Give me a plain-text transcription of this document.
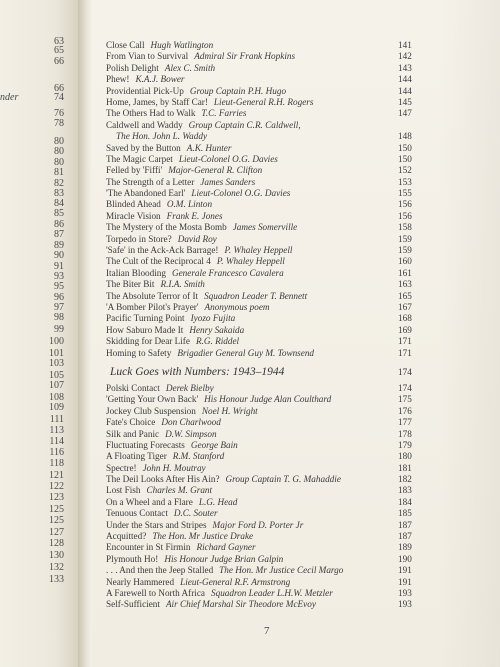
nder
63
65
66
66
74
76
78
80
80
80
81
82
83
84
85
86
87
89
90
91
93
95
96
97
98
99
100
101
103
105
107
108
109
111
113
114
116
118
121
122
123
125
125
127
128
130
132
133
Close Call Hugh Watlington	141
From Vian to Survival Admiral Sir Frank Hopkins	142
Polish Delight Alex C. Smith	143
Phew! K.A.J. Bower	144
Providential Pick-Up Group Captain P.H. Hugo	144
Home, James, by Staff Car! Lieut-General R.H. Rogers	145
The Others Had to Walk T.C. Farries	147
Caldwell and Waddy Group Captain C.R. Caldwell,
The Hon. John L. Waddy	148
Saved by the Button A.K. Hunter	150
The Magic Carpet Lieut-Colonel O.G. Davies	150
Felled by 'Fiffi' Major-General R. Clifton	152
The Strength of a Letter James Sanders	153
'The Abandoned Earl' Lieut-Colonel O.G. Davies	155
Blinded Ahead O.M. Linton	156
Miracle Vision Frank E. Jones	156
The Mystery of the Mosta Bomb James Somerville	158
Torpedo in Store? David Roy	159
'Safe' in the Ack-Ack Barrage! P. Whaley Heppell	159
The Cult of the Reciprocal 4 P. Whaley Heppell	160
Italian Blooding Generale Francesco Cavalera	161
The Biter Bit R.I.A. Smith	163
The Absolute Terror of It Squadron Leader T. Bennett	165
'A Bomber Pilot's Prayer' Anonymous poem	167
Pacific Turning Point Iyozo Fujita	168
How Saburo Made It Henry Sakaida	169
Skidding for Dear Life R.G. Riddel	171
Homing to Safety Brigadier General Guy M. Townsend	171
Luck Goes with Numbers: 1943–1944	174
Polski Contact Derek Bielby	174
'Getting Your Own Back' His Honour Judge Alan Coulthard	175
Jockey Club Suspension Noel H. Wright	176
Fate's Choice Don Charlwood	177
Silk and Panic D.W. Simpson	178
Fluctuating Forecasts George Bain	179
A Floating Tiger R.M. Stanford	180
Spectre! John H. Moutray	181
The Deil Looks After His Ain? Group Captain T. G. Mahaddie	182
Lost Fish Charles M. Grant	183
On a Wheel and a Flare L.G. Head	184
Tenuous Contact D.C. Souter	185
Under the Stars and Stripes Major Ford D. Porter Jr	187
Acquitted? The Hon. Mr Justice Drake	187
Encounter in St Firmin Richard Gayner	189
Plymouth Ho! His Honour Judge Brian Galpin	190
. . . And then the Jeep Stalled The Hon. Mr Justice Cecil Margo	191
Nearly Hammered Lieut-General R.F. Armstrong	191
A Farewell to North Africa Squadron Leader L.H.W. Metzler	193
Self-Sufficient Air Chief Marshal Sir Theodore McEvoy	193
7
